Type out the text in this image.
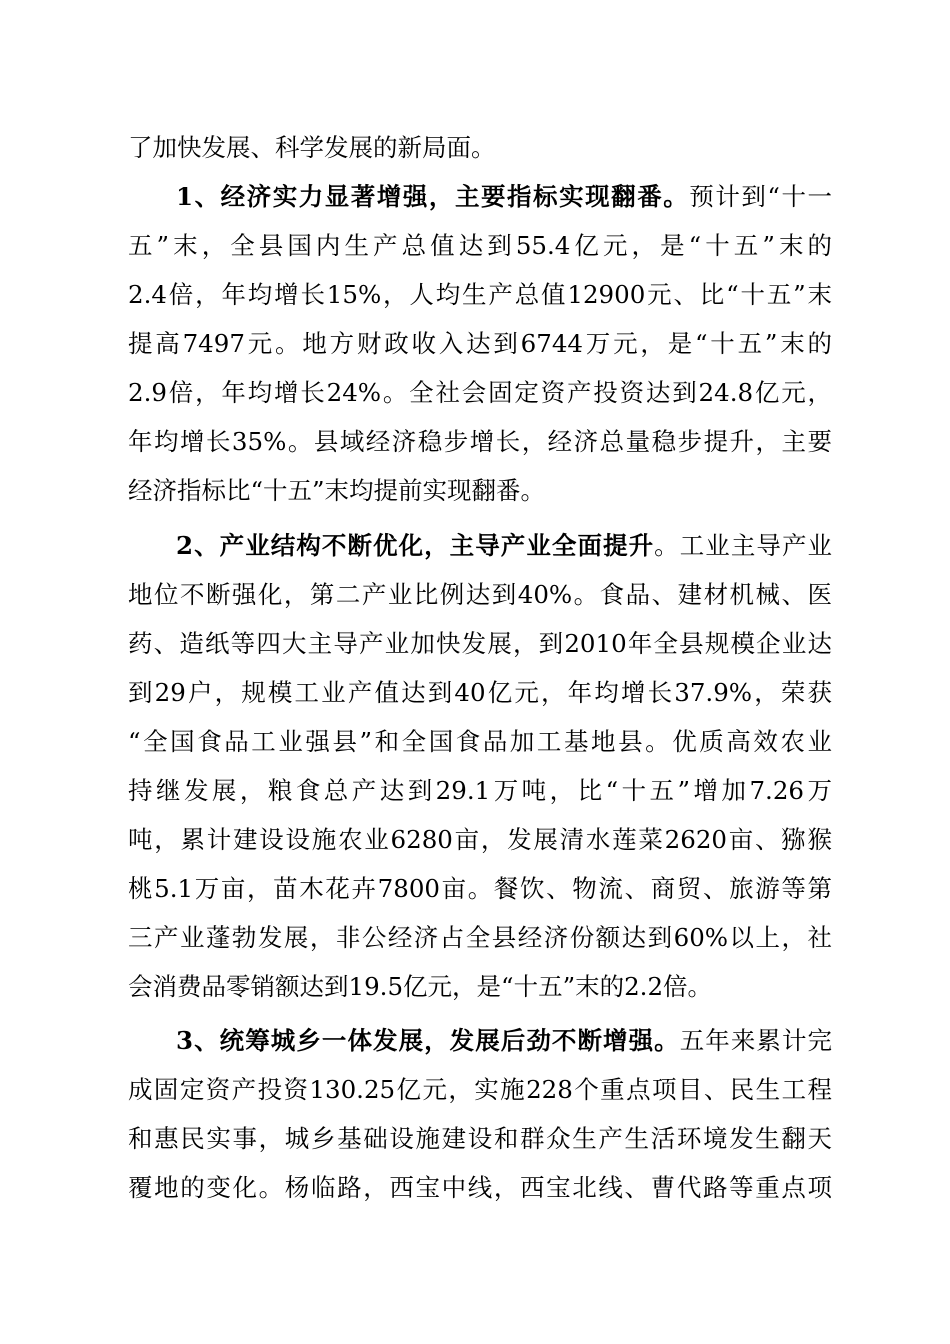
了加快发展、科学发展的新局面。
1、经济实力显著增强，主要指标实现翻番。预计到“十一
五”末，全县国内生产总值达到55.4亿元，是“十五”末的
2.4倍，年均增长15%，人均生产总值12900元、比“十五”末
提高7497元。地方财政收入达到6744万元，是“十五”末的
2.9倍，年均增长24%。全社会固定资产投资达到24.8亿元，
年均增长35%。县域经济稳步增长，经济总量稳步提升，主要
经济指标比“十五”末均提前实现翻番。
2、产业结构不断优化，主导产业全面提升。工业主导产业
地位不断强化，第二产业比例达到40%。食品、建材机械、医
药、造纸等四大主导产业加快发展，到2010年全县规模企业达
到29户，规模工业产值达到40亿元，年均增长37.9%，荣获
“全国食品工业强县”和全国食品加工基地县。优质高效农业
持继发展，粮食总产达到29.1万吨，比“十五”增加7.26万
吨，累计建设设施农业6280亩，发展清水莲菜2620亩、猕猴
桃5.1万亩，苗木花卉7800亩。餐饮、物流、商贸、旅游等第
三产业蓬勃发展，非公经济占全县经济份额达到60%以上，社
会消费品零销额达到19.5亿元，是“十五”末的2.2倍。
3、统筹城乡一体发展，发展后劲不断增强。五年来累计完
成固定资产投资130.25亿元，实施228个重点项目、民生工程
和惠民实事，城乡基础设施建设和群众生产生活环境发生翻天
覆地的变化。杨临路，西宝中线，西宝北线、曹代路等重点项
